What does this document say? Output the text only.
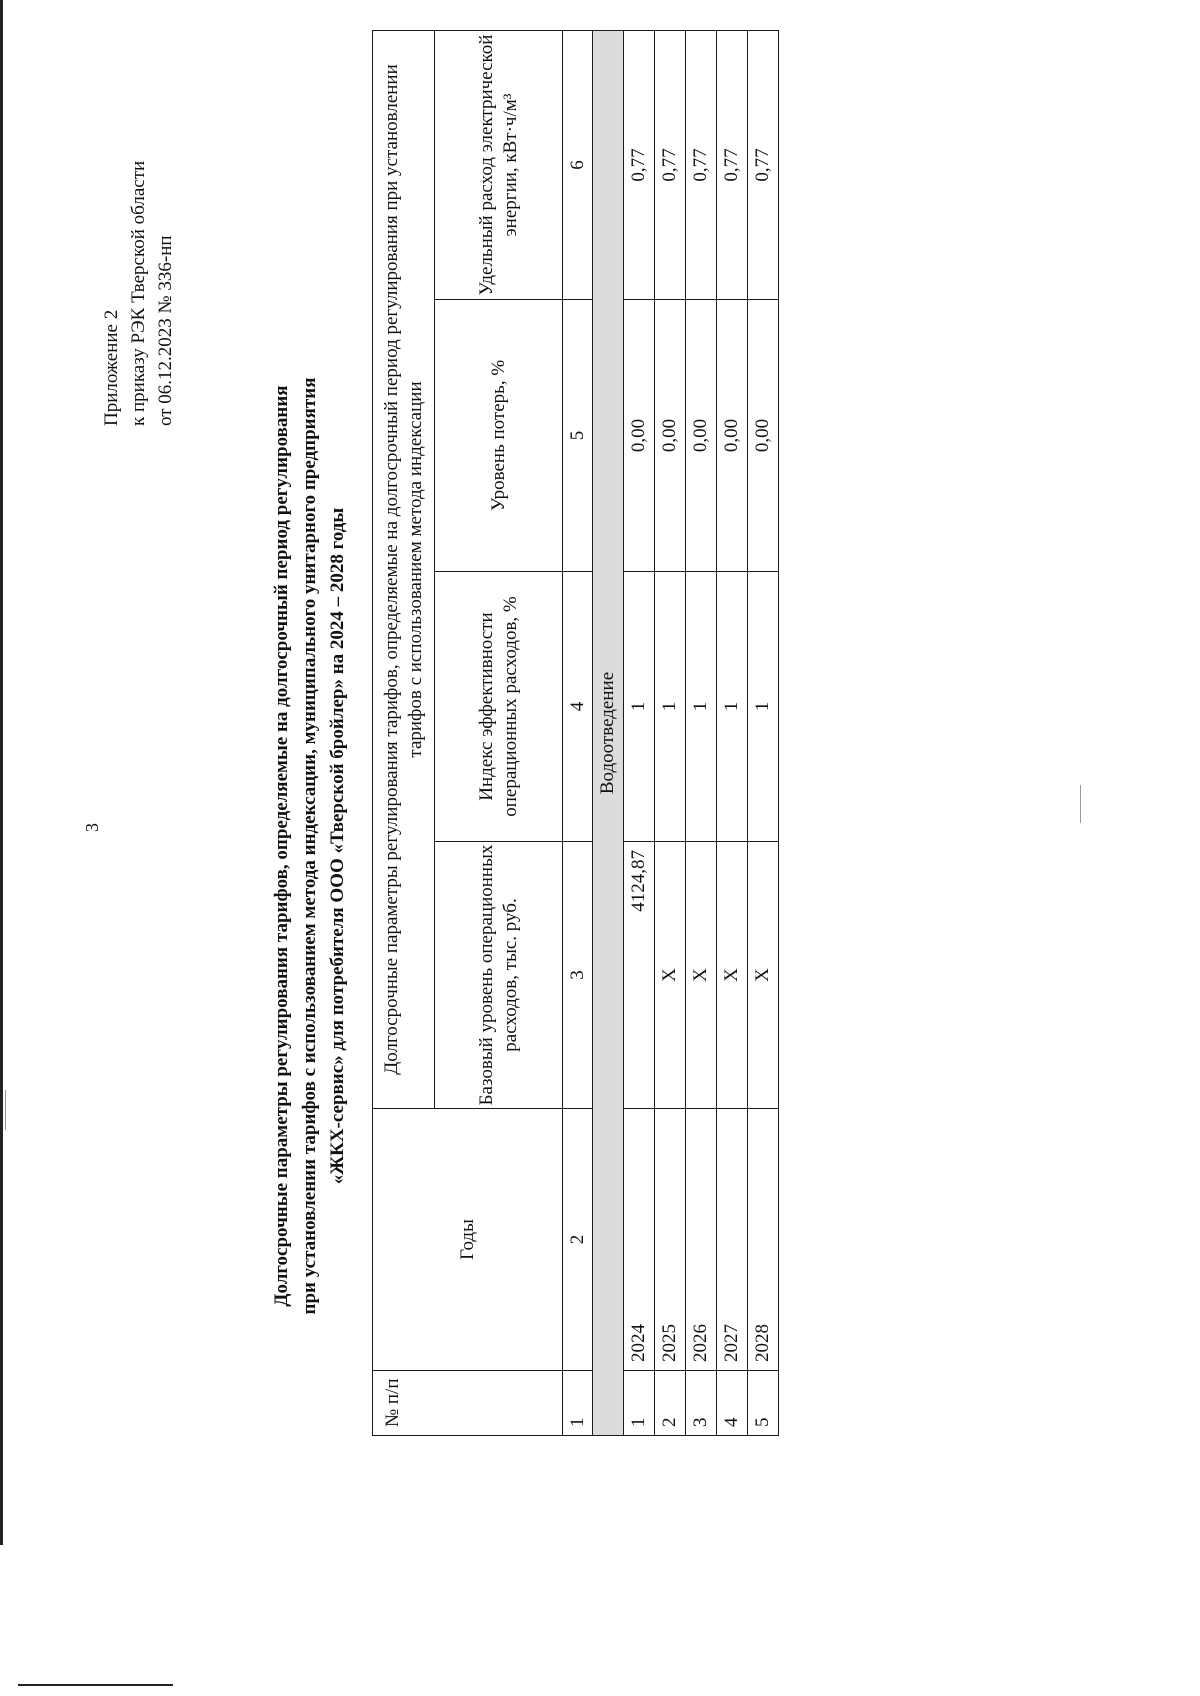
3
Приложение 2 к приказу РЭК Тверской области от 06.12.2023 № 336-нп
Долгосрочные параметры регулирования тарифов, определяемые на долгосрочный период регулирования при установлении тарифов с использованием метода индексации, муниципального унитарного предприятия «ЖКХ-сервис» для потребителя ООО «Тверской бройлер» на 2024 – 2028 годы
№ п/п	Годы	Долгосрочные параметры регулирования тарифов, определяемые на долгосрочный период регулирования при установлении тарифов с использованием метода индексации			
		Базовый уровень операционных расходов, тыс. руб.	Индекс эффективности операционных расходов, %	Уровень потерь, %	Удельный расход электрической энергии, кВт·ч/м³
1	2	3	4	5	6
Водоотведение					
1	2024	4124,87	1	0,00	0,77
2	2025	Х	1	0,00	0,77
3	2026	Х	1	0,00	0,77
4	2027	Х	1	0,00	0,77
5	2028	Х	1	0,00	0,77
